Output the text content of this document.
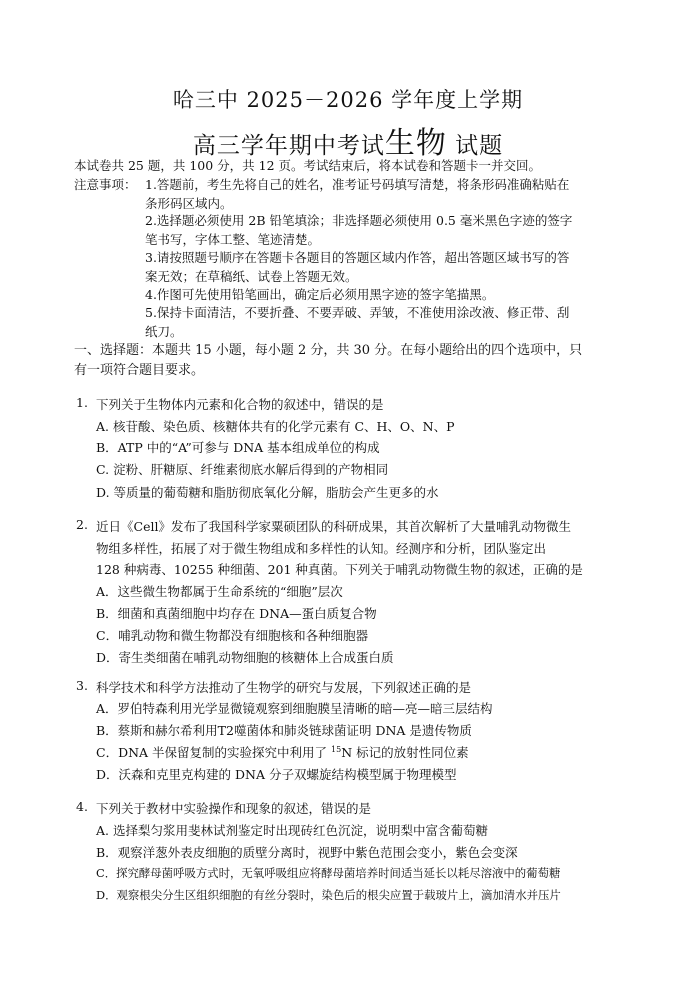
哈三中 2025－2026 学年度上学期
高三学年期中考试生物 试题
本试卷共 25 题，共 100 分，共 12 页。考试结束后，将本试卷和答题卡一并交回。
注意事项： 1.答题前，考生先将自己的姓名，准考证号码填写清楚，将条形码准确粘贴在
条形码区域内。
2.选择题必须使用 2B 铅笔填涂；非选择题必须使用 0.5 毫米黑色字迹的签字
笔书写，字体工整、笔迹清楚。
3.请按照题号顺序在答题卡各题目的答题区域内作答，超出答题区域书写的答
案无效；在草稿纸、试卷上答题无效。
4.作图可先使用铅笔画出，确定后必须用黑字迹的签字笔描黑。
5.保持卡面清洁，不要折叠、不要弄破、弄皱，不准使用涂改液、修正带、刮
纸刀。
一、选择题：本题共 15 小题，每小题 2 分，共 30 分。在每小题给出的四个选项中，只
有一项符合题目要求。
1. 下列关于生物体内元素和化合物的叙述中，错误的是
A. 核苷酸、染色质、核糖体共有的化学元素有 C、H、O、N、P
B．ATP 中的“A”可参与 DNA 基本组成单位的构成
C. 淀粉、肝糖原、纤维素彻底水解后得到的产物相同
D. 等质量的葡萄糖和脂肪彻底氧化分解，脂肪会产生更多的水
2. 近日《Cell》发布了我国科学家粟硕团队的科研成果，其首次解析了大量哺乳动物微生
物组多样性，拓展了对于微生物组成和多样性的认知。经测序和分析，团队鉴定出
128 种病毒、10255 种细菌、201 种真菌。下列关于哺乳动物微生物的叙述，正确的是
A．这些微生物都属于生命系统的“细胞”层次
B．细菌和真菌细胞中均存在 DNA—蛋白质复合物
C．哺乳动物和微生物都没有细胞核和各种细胞器
D．寄生类细菌在哺乳动物细胞的核糖体上合成蛋白质
3. 科学技术和科学方法推动了生物学的研究与发展，下列叙述正确的是
A．罗伯特森利用光学显微镜观察到细胞膜呈清晰的暗—亮—暗三层结构
B．蔡斯和赫尔希利用T2噬菌体和肺炎链球菌证明 DNA 是遗传物质
C．DNA 半保留复制的实验探究中利用了 $^{15}$N 标记的放射性同位素
D．沃森和克里克构建的 DNA 分子双螺旋结构模型属于物理模型
4. 下列关于教材中实验操作和现象的叙述，错误的是
A. 选择梨匀浆用斐林试剂鉴定时出现砖红色沉淀，说明梨中富含葡萄糖
B．观察洋葱外表皮细胞的质壁分离时，视野中紫色范围会变小，紫色会变深
C．探究酵母菌呼吸方式时，无氧呼吸组应将酵母菌培养时间适当延长以耗尽溶液中的葡萄糖
D．观察根尖分生区组织细胞的有丝分裂时，染色后的根尖应置于载玻片上，滴加清水并压片
